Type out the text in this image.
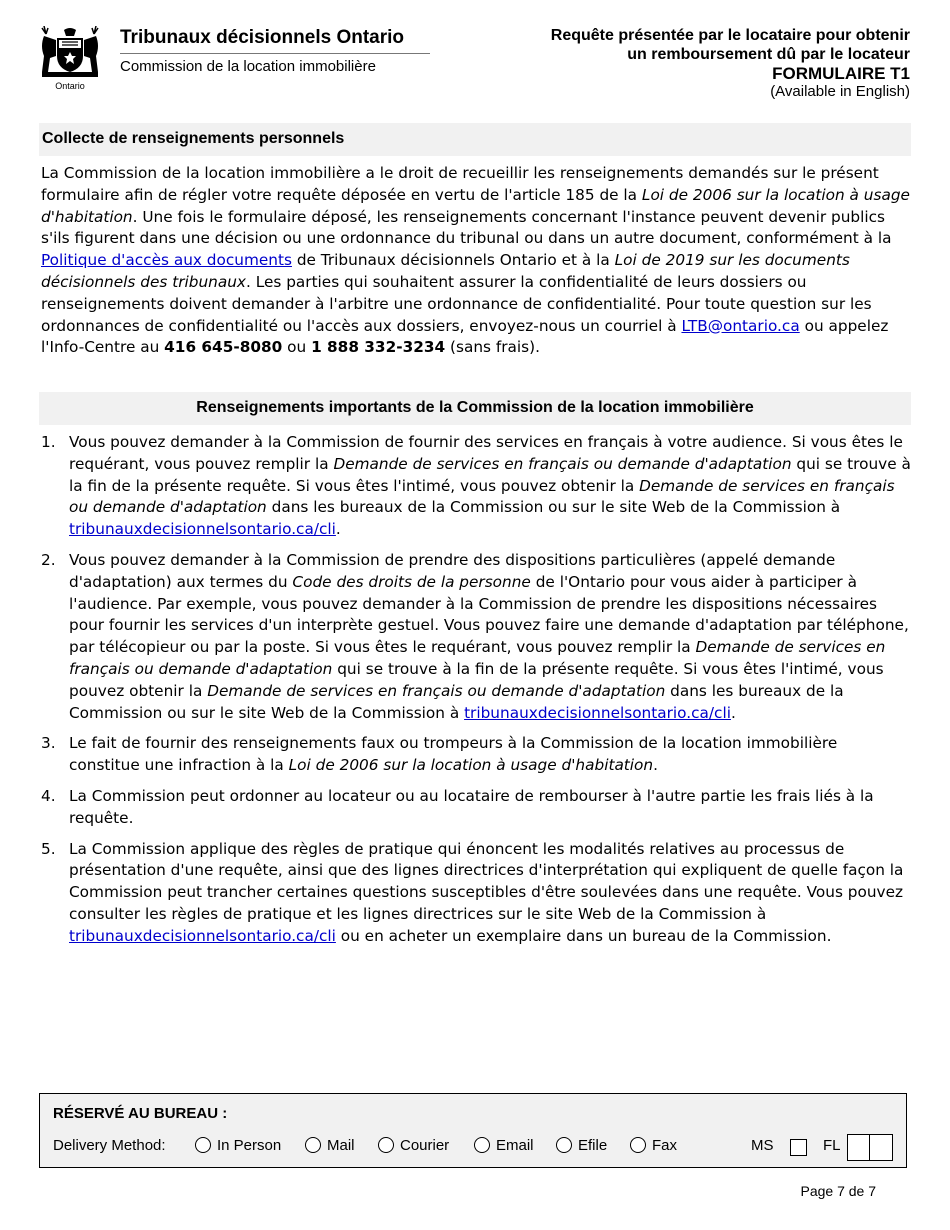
Ontario
Tribunaux décisionnels Ontario
Commission de la location immobilière
Requête présentée par le locataire pour obtenir
un remboursement dû par le locateur
FORMULAIRE T1
(Available in English)
Collecte de renseignements personnels
La Commission de la location immobilière a le droit de recueillir les renseignements demandés sur le présent formulaire afin de régler votre requête déposée en vertu de l'article 185 de la Loi de 2006 sur la location à usage d'habitation. Une fois le formulaire déposé, les renseignements concernant l'instance peuvent devenir publics s'ils figurent dans une décision ou une ordonnance du tribunal ou dans un autre document, conformément à la Politique d'accès aux documents de Tribunaux décisionnels Ontario et à la Loi de 2019 sur les documents décisionnels des tribunaux. Les parties qui souhaitent assurer la confidentialité de leurs dossiers ou renseignements doivent demander à l'arbitre une ordonnance de confidentialité. Pour toute question sur les ordonnances de confidentialité ou l'accès aux dossiers, envoyez-nous un courriel à LTB@ontario.ca ou appelez l'Info-Centre au 416 645-8080 ou 1 888 332-3234 (sans frais).
Renseignements importants de la Commission de la location immobilière
1. Vous pouvez demander à la Commission de fournir des services en français à votre audience. Si vous êtes le requérant, vous pouvez remplir la Demande de services en français ou demande d'adaptation qui se trouve à la fin de la présente requête. Si vous êtes l'intimé, vous pouvez obtenir la Demande de services en français ou demande d'adaptation dans les bureaux de la Commission ou sur le site Web de la Commission à tribunauxdecisionnelsontario.ca/cli.
2. Vous pouvez demander à la Commission de prendre des dispositions particulières (appelé demande d'adaptation) aux termes du Code des droits de la personne de l'Ontario pour vous aider à participer à l'audience. Par exemple, vous pouvez demander à la Commission de prendre les dispositions nécessaires pour fournir les services d'un interprète gestuel. Vous pouvez faire une demande d'adaptation par téléphone, par télécopieur ou par la poste. Si vous êtes le requérant, vous pouvez remplir la Demande de services en français ou demande d'adaptation qui se trouve à la fin de la présente requête. Si vous êtes l'intimé, vous pouvez obtenir la Demande de services en français ou demande d'adaptation dans les bureaux de la Commission ou sur le site Web de la Commission à tribunauxdecisionnelsontario.ca/cli.
3. Le fait de fournir des renseignements faux ou trompeurs à la Commission de la location immobilière constitue une infraction à la Loi de 2006 sur la location à usage d'habitation.
4. La Commission peut ordonner au locateur ou au locataire de rembourser à l'autre partie les frais liés à la requête.
5. La Commission applique des règles de pratique qui énoncent les modalités relatives au processus de présentation d'une requête, ainsi que des lignes directrices d'interprétation qui expliquent de quelle façon la Commission peut trancher certaines questions susceptibles d'être soulevées dans une requête. Vous pouvez consulter les règles de pratique et les lignes directrices sur le site Web de la Commission à tribunauxdecisionnelsontario.ca/cli ou en acheter un exemplaire dans un bureau de la Commission.
RÉSERVÉ AU BUREAU :
Delivery Method:	In Person	Mail	Courier	Email	Efile	Fax	MS	FL
Page 7 de 7
